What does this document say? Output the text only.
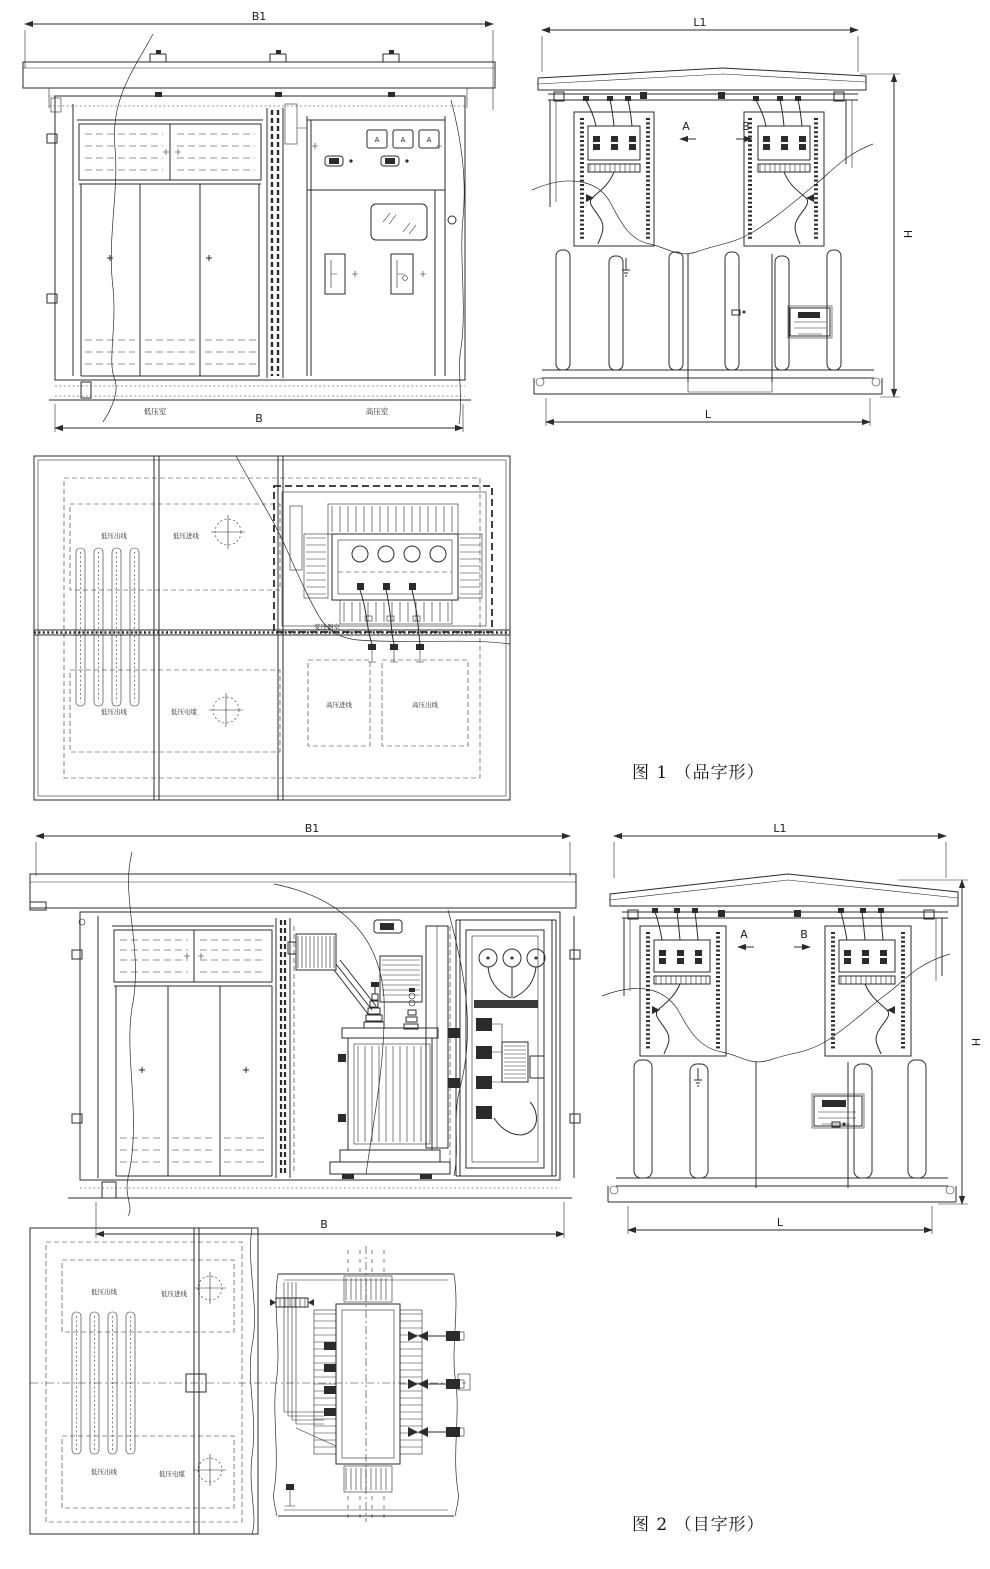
B1
A	A	A
B
低压室	高压室
L1
H
A	B
L
变压器室
低压出线	低压进线
低压出线	低压电缆
高压进线	高压出线
图 1 （品字形）
B1
B
L1
H
A	B
L
低压出线	低压进线
低压出线	低压电缆
图 2 （目字形）
